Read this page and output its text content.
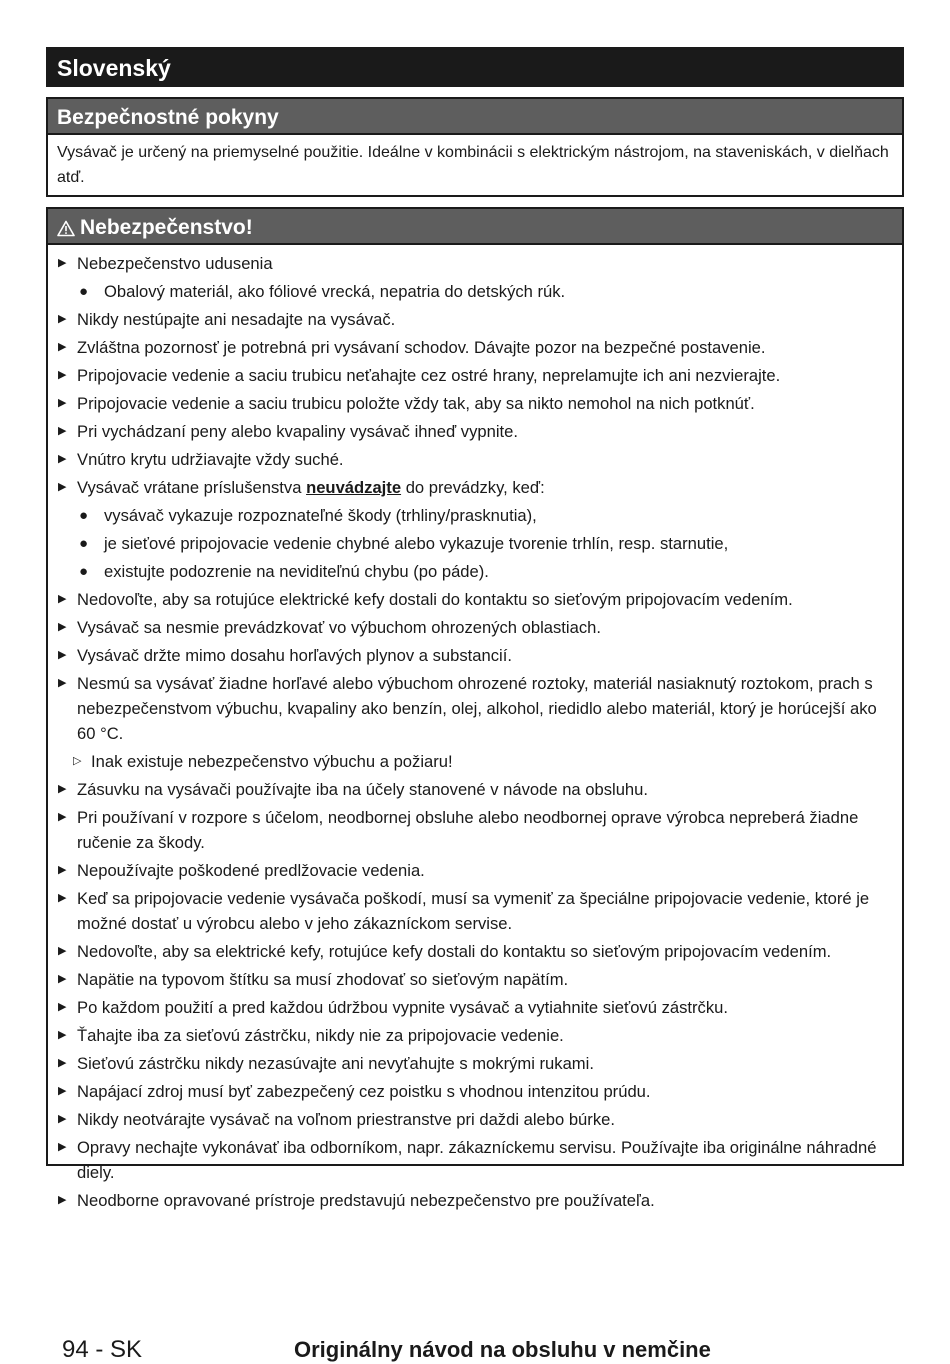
Slovenský
Bezpečnostné pokyny
Vysávač je určený na priemyselné použitie. Ideálne v kombinácii s elektrickým nástrojom, na staveniskách, v dielňach atď.
Nebezpečenstvo!
▶ Nebezpečenstvo udusenia
● Obalový materiál, ako fóliové vrecká, nepatria do detských rúk.
▶ Nikdy nestúpajte ani nesadajte na vysávač.
▶ Zvláštna pozornosť je potrebná pri vysávaní schodov. Dávajte pozor na bezpečné postavenie.
▶ Pripojovacie vedenie a saciu trubicu neťahajte cez ostré hrany, neprelamujte ich ani nezvierajte.
▶ Pripojovacie vedenie a saciu trubicu položte vždy tak, aby sa nikto nemohol na nich potknúť.
▶ Pri vychádzaní peny alebo kvapaliny vysávač ihneď vypnite.
▶ Vnútro krytu udržiavajte vždy suché.
▶ Vysávač vrátane príslušenstva neuvádzajte do prevádzky, keď:
● vysávač vykazuje rozpoznateľné škody (trhliny/prasknutia),
● je sieťové pripojovacie vedenie chybné alebo vykazuje tvorenie trhlín, resp. starnutie,
● existujte podozrenie na neviditeľnú chybu (po páde).
▶ Nedovoľte, aby sa rotujúce elektrické kefy dostali do kontaktu so sieťovým pripojovacím vedením.
▶ Vysávač sa nesmie prevádzkovať vo výbuchom ohrozených oblastiach.
▶ Vysávač držte mimo dosahu horľavých plynov a substancií.
▶ Nesmú sa vysávať žiadne horľavé alebo výbuchom ohrozené roztoky, materiál nasiaknutý roztokom, prach s nebezpečenstvom výbuchu, kvapaliny ako benzín, olej, alkohol, riedidlo alebo materiál, ktorý je horúcejší ako 60 °C.
▷ Inak existuje nebezpečenstvo výbuchu a požiaru!
▶ Zásuvku na vysávači používajte iba na účely stanovené v návode na obsluhu.
▶ Pri používaní v rozpore s účelom, neodbornej obsluhe alebo neodbornej oprave výrobca nepreberá žiadne ručenie za škody.
▶ Nepoužívajte poškodené predlžovacie vedenia.
▶ Keď sa pripojovacie vedenie vysávača poškodí, musí sa vymeniť za špeciálne pripojovacie vedenie, ktoré je možné dostať u výrobcu alebo v jeho zákazníckom servise.
▶ Nedovoľte, aby sa elektrické kefy, rotujúce kefy dostali do kontaktu so sieťovým pripojovacím vedením.
▶ Napätie na typovom štítku sa musí zhodovať so sieťovým napätím.
▶ Po každom použití a pred každou údržbou vypnite vysávač a vytiahnite sieťovú zástrčku.
▶ Ťahajte iba za sieťovú zástrčku, nikdy nie za pripojovacie vedenie.
▶ Sieťovú zástrčku nikdy nezasúvajte ani nevyťahujte s mokrými rukami.
▶ Napájací zdroj musí byť zabezpečený cez poistku s vhodnou intenzitou prúdu.
▶ Nikdy neotvárajte vysávač na voľnom priestranstve pri daždi alebo búrke.
▶ Opravy nechajte vykonávať iba odborníkom, napr. zákazníckemu servisu. Používajte iba originálne náhradné diely.
▶ Neodborne opravované prístroje predstavujú nebezpečenstvo pre používateľa.
94 - SK	Originálny návod na obsluhu v nemčine
